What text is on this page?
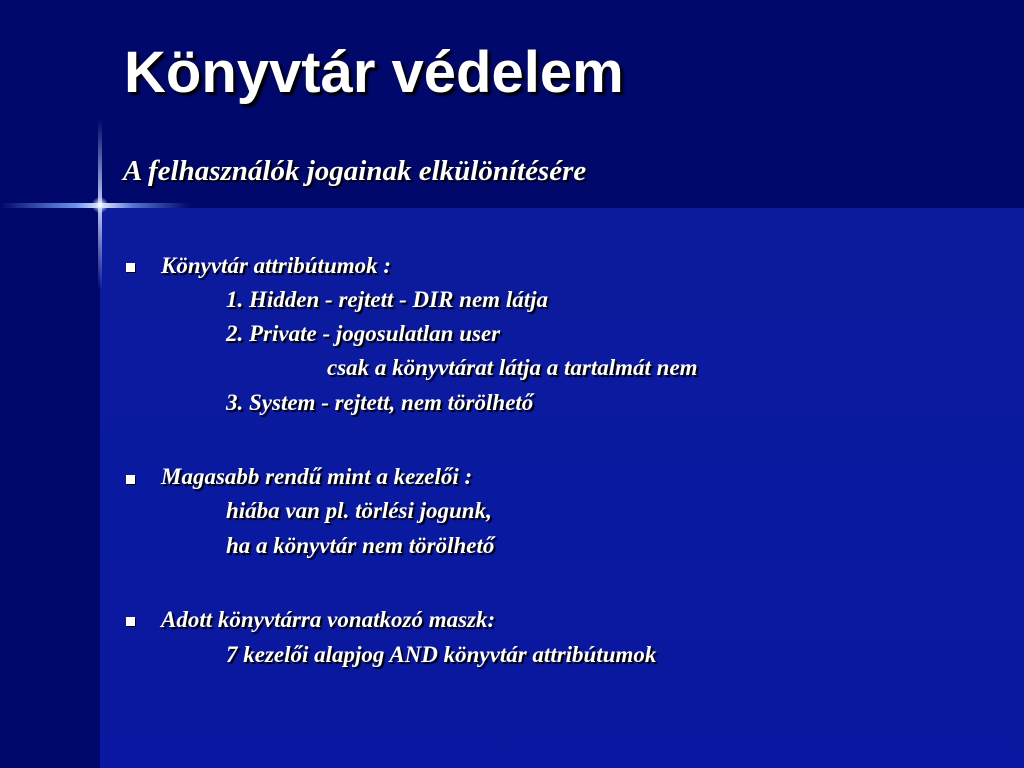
Könyvtár védelem
A felhasználók jogainak elkülönítésére
Könyvtár attribútumok :
1. Hidden - rejtett - DIR nem látja
2. Private - jogosulatlan user
csak a könyvtárat látja a tartalmát nem
3. System - rejtett, nem törölhető
Magasabb rendű mint a kezelői :
hiába van pl. törlési jogunk,
ha a könyvtár nem törölhető
Adott könyvtárra vonatkozó maszk:
7 kezelői alapjog AND könyvtár attribútumok
